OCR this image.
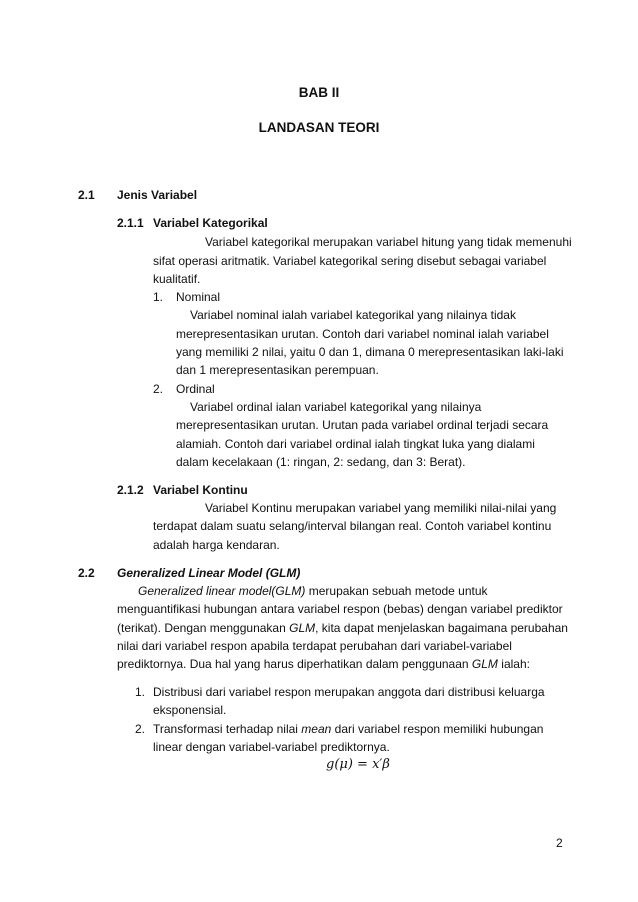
BAB II
LANDASAN TEORI
2.1 Jenis Variabel
2.1.1 Variabel Kategorikal
Variabel kategorikal merupakan variabel hitung yang tidak memenuhi
sifat operasi aritmatik. Variabel kategorikal sering disebut sebagai variabel
kualitatif.
1. Nominal
Variabel nominal ialah variabel kategorikal yang nilainya tidak
merepresentasikan urutan. Contoh dari variabel nominal ialah variabel
yang memiliki 2 nilai, yaitu 0 dan 1, dimana 0 merepresentasikan laki-laki
dan 1 merepresentasikan perempuan.
2. Ordinal
Variabel ordinal ialan variabel kategorikal yang nilainya
merepresentasikan urutan. Urutan pada variabel ordinal terjadi secara
alamiah. Contoh dari variabel ordinal ialah tingkat luka yang dialami
dalam kecelakaan (1: ringan, 2: sedang, dan 3: Berat).
2.1.2 Variabel Kontinu
Variabel Kontinu merupakan variabel yang memiliki nilai-nilai yang
terdapat dalam suatu selang/interval bilangan real. Contoh variabel kontinu
adalah harga kendaran.
2.2 Generalized Linear Model (GLM)
Generalized linear model(GLM) merupakan sebuah metode untuk
menguantifikasi hubungan antara variabel respon (bebas) dengan variabel prediktor
(terikat). Dengan menggunakan GLM, kita dapat menjelaskan bagaimana perubahan
nilai dari variabel respon apabila terdapat perubahan dari variabel-variabel
prediktornya. Dua hal yang harus diperhatikan dalam penggunaan GLM ialah:
1. Distribusi dari variabel respon merupakan anggota dari distribusi keluarga
eksponensial.
2. Transformasi terhadap nilai mean dari variabel respon memiliki hubungan
linear dengan variabel-variabel prediktornya.
g(μ) = x′β
2
